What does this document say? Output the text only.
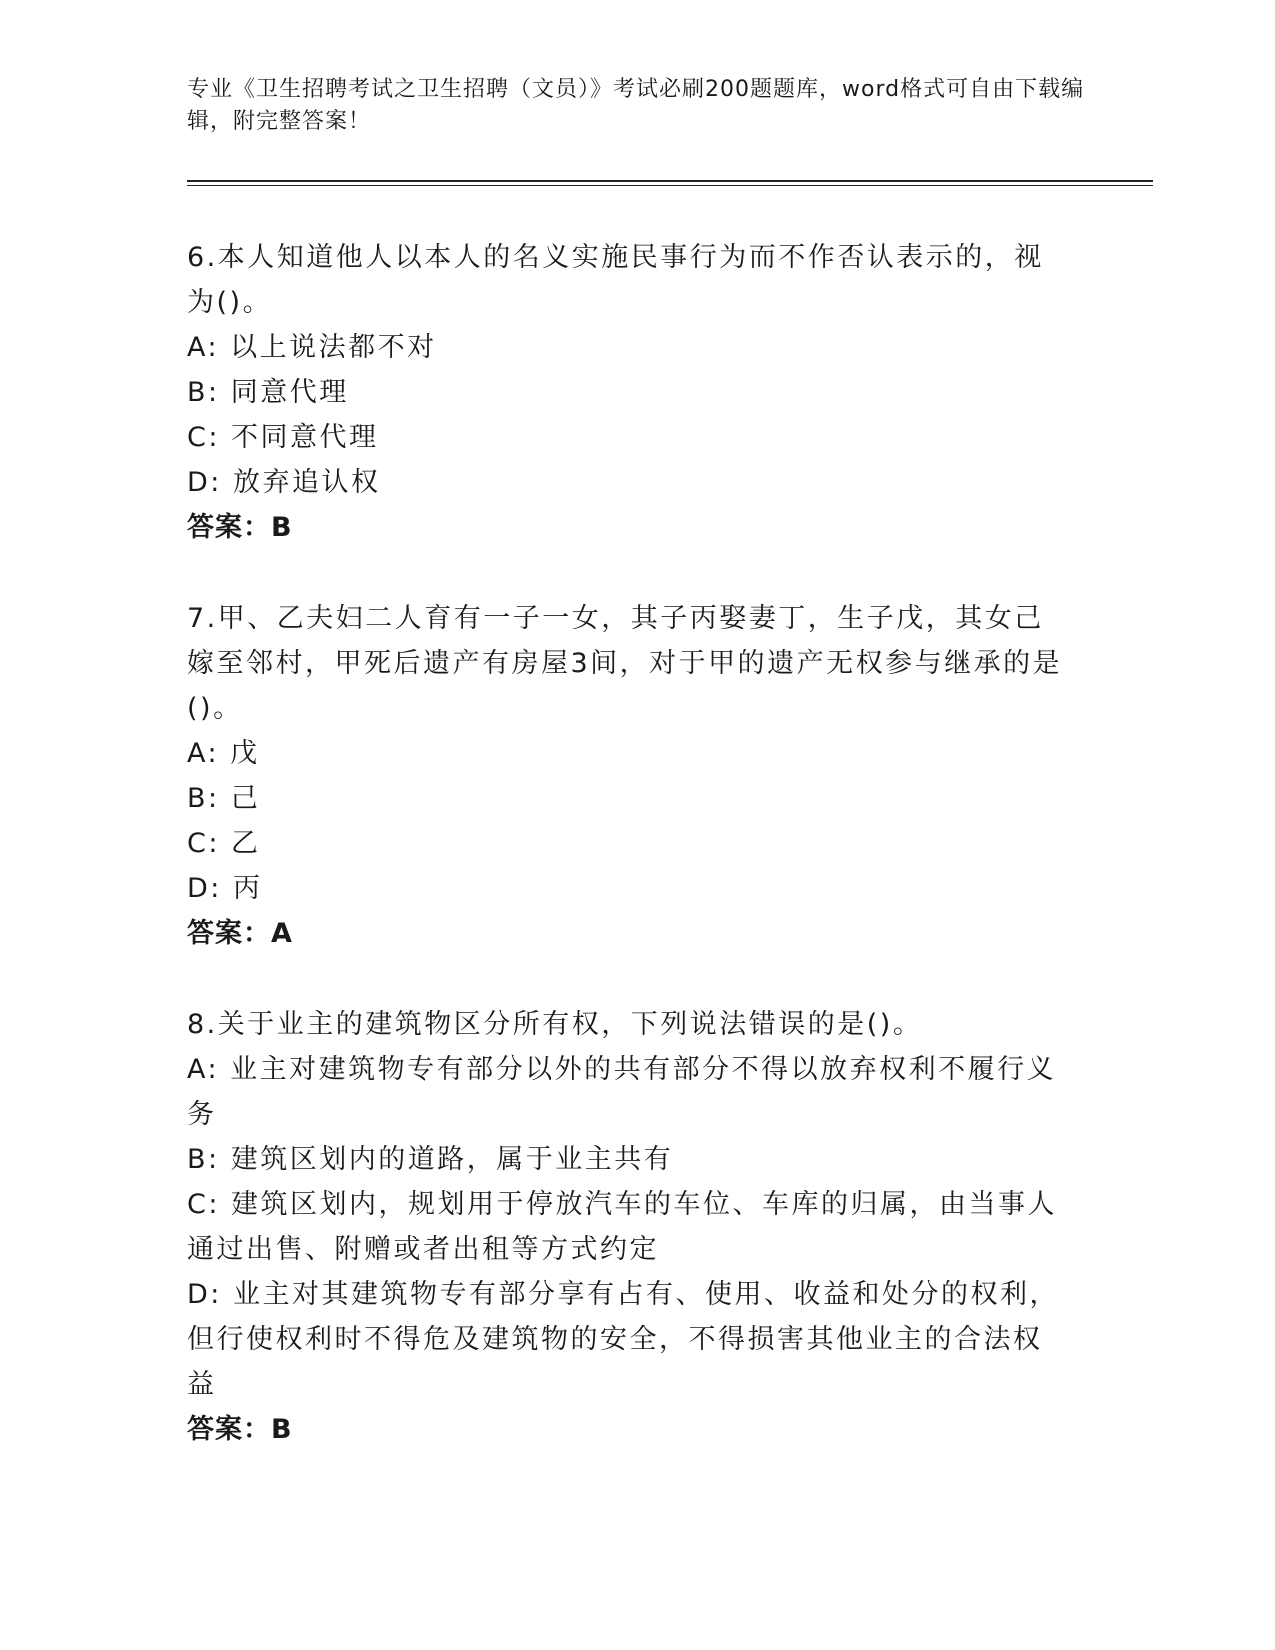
专业《卫生招聘考试之卫生招聘（文员）》考试必刷200题题库，word格式可自由下载编辑，附完整答案！

6.本人知道他人以本人的名义实施民事行为而不作否认表示的，视为()。

A: 以上说法都不对

B: 同意代理

C: 不同意代理

D: 放弃追认权

答案：B

7.甲、乙夫妇二人育有一子一女，其子丙娶妻丁，生子戊，其女己嫁至邻村，甲死后遗产有房屋3间，对于甲的遗产无权参与继承的是()。

A: 戊

B: 己

C: 乙

D: 丙

答案：A

8.关于业主的建筑物区分所有权，下列说法错误的是()。

A: 业主对建筑物专有部分以外的共有部分不得以放弃权利不履行义务

B: 建筑区划内的道路，属于业主共有

C: 建筑区划内，规划用于停放汽车的车位、车库的归属，由当事人通过出售、附赠或者出租等方式约定

D: 业主对其建筑物专有部分享有占有、使用、收益和处分的权利，但行使权利时不得危及建筑物的安全，不得损害其他业主的合法权益

答案：B
